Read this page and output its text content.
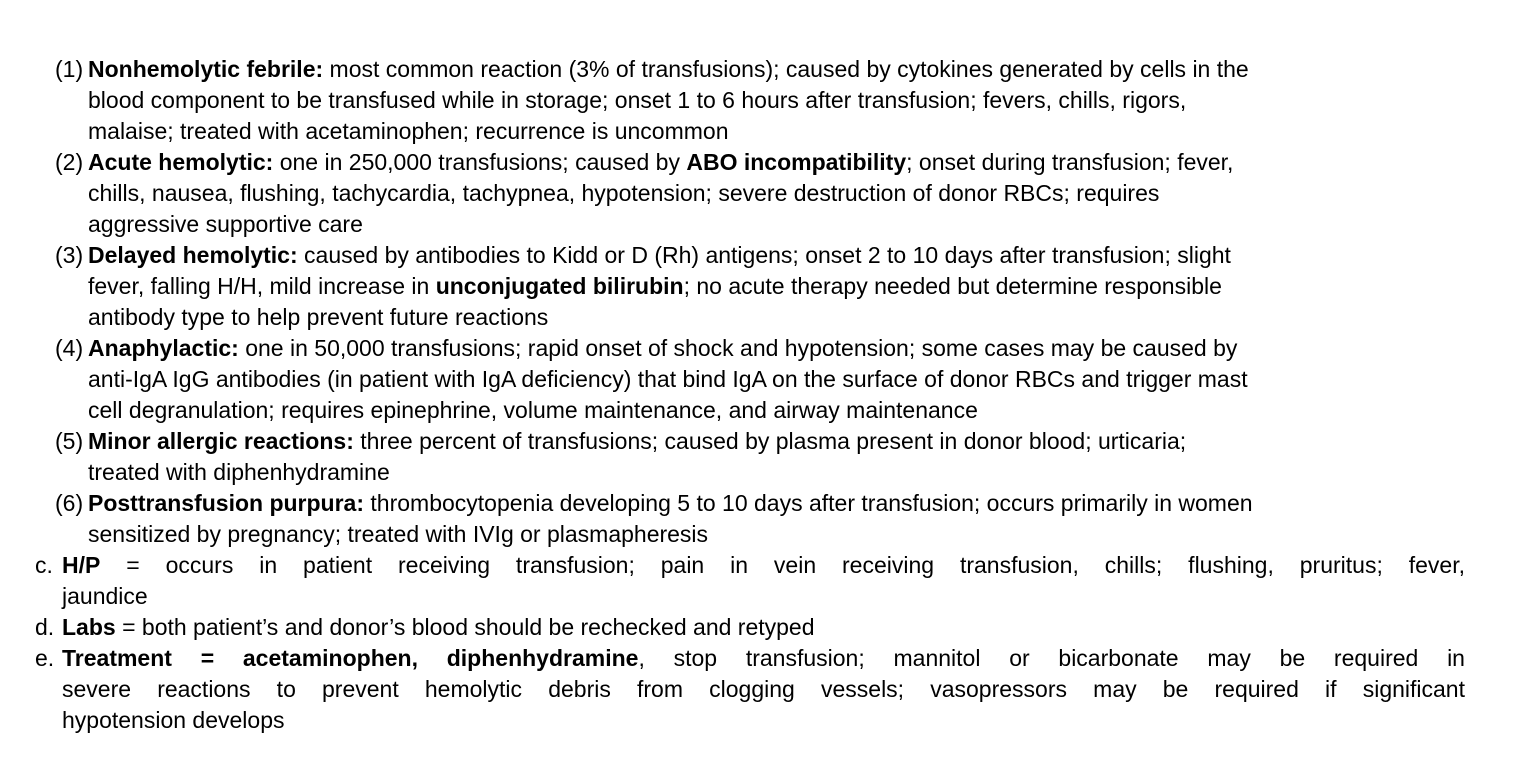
(1) Nonhemolytic febrile: most common reaction (3% of transfusions); caused by cytokines generated by cells in the
blood component to be transfused while in storage; onset 1 to 6 hours after transfusion; fevers, chills, rigors,
malaise; treated with acetaminophen; recurrence is uncommon
(2) Acute hemolytic: one in 250,000 transfusions; caused by ABO incompatibility; onset during transfusion; fever,
chills, nausea, flushing, tachycardia, tachypnea, hypotension; severe destruction of donor RBCs; requires
aggressive supportive care
(3) Delayed hemolytic: caused by antibodies to Kidd or D (Rh) antigens; onset 2 to 10 days after transfusion; slight
fever, falling H/H, mild increase in unconjugated bilirubin; no acute therapy needed but determine responsible
antibody type to help prevent future reactions
(4) Anaphylactic: one in 50,000 transfusions; rapid onset of shock and hypotension; some cases may be caused by
anti-IgA IgG antibodies (in patient with IgA deficiency) that bind IgA on the surface of donor RBCs and trigger mast
cell degranulation; requires epinephrine, volume maintenance, and airway maintenance
(5) Minor allergic reactions: three percent of transfusions; caused by plasma present in donor blood; urticaria;
treated with diphenhydramine
(6) Posttransfusion purpura: thrombocytopenia developing 5 to 10 days after transfusion; occurs primarily in women
sensitized by pregnancy; treated with IVIg or plasmapheresis
c. H/P = occurs in patient receiving transfusion; pain in vein receiving transfusion, chills; flushing, pruritus; fever,
jaundice
d. Labs = both patient’s and donor’s blood should be rechecked and retyped
e. Treatment = acetaminophen, diphenhydramine, stop transfusion; mannitol or bicarbonate may be required in
severe reactions to prevent hemolytic debris from clogging vessels; vasopressors may be required if significant
hypotension develops
